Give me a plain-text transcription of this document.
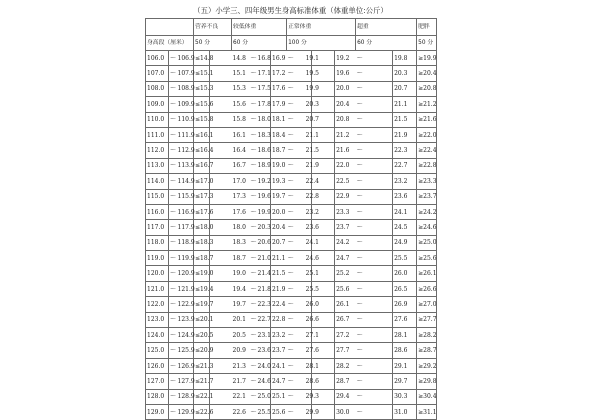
（五）小学三、四年级男生身高标准体重（体重单位:公斤）
			营养不良		较低体重				正常体重				超重				肥胖
身高段（厘米）			50 分		60 分				100 分				60 分				50 分
106.0	～	106.9	≤14.8		14.8	～	16.8	16.9	～	19.1		19.2	～			19.8	≥19.9
107.0	～	107.9	≤15.1		15.1	～	17.1	17.2	～	19.5		19.6	～			20.3	≥20.4
108.0	～	108.9	≤15.3		15.3	～	17.5	17.6	～	19.9		20.0	～			20.7	≥20.8
109.0	～	109.9	≤15.6		15.6	～	17.8	17.9	～	20.3		20.4	～			21.1	≥21.2
110.0	～	110.9	≤15.8		15.8	～	18.0	18.1	～	20.7		20.8	～			21.5	≥21.6
111.0	～	111.9	≤16.1		16.1	～	18.3	18.4	～	21.1		21.2	～			21.9	≥22.0
112.0	～	112.9	≤16.4		16.4	～	18.6	18.7	～	21.5		21.6	～			22.3	≥22.4
113.0	～	113.9	≤16.7		16.7	～	18.9	19.0	～	21.9		22.0	～			22.7	≥22.8
114.0	～	114.9	≤17.0		17.0	～	19.2	19.3	～	22.4		22.5	～			23.2	≥23.3
115.0	～	115.9	≤17.3		17.3	～	19.6	19.7	～	22.8		22.9	～			23.6	≥23.7
116.0	～	116.9	≤17.6		17.6	～	19.9	20.0	～	23.2		23.3	～			24.1	≥24.2
117.0	～	117.9	≤18.0		18.0	～	20.3	20.4	～	23.6		23.7	～			24.5	≥24.6
118.0	～	118.9	≤18.3		18.3	～	20.6	20.7	～	24.1		24.2	～			24.9	≥25.0
119.0	～	119.9	≤18.7		18.7	～	21.0	21.1	～	24.6		24.7	～			25.5	≥25.6
120.0	～	120.9	≤19.0		19.0	～	21.4	21.5	～	25.1		25.2	～			26.0	≥26.1
121.0	～	121.9	≤19.4		19.4	～	21.8	21.9	～	25.5		25.6	～			26.5	≥26.6
122.0	～	122.9	≤19.7		19.7	～	22.3	22.4	～	26.0		26.1	～			26.9	≥27.0
123.0	～	123.9	≤20.1		20.1	～	22.7	22.8	～	26.6		26.7	～			27.6	≥27.7
124.0	～	124.9	≤20.5		20.5	～	23.1	23.2	～	27.1		27.2	～			28.1	≥28.2
125.0	～	125.9	≤20.9		20.9	～	23.6	23.7	～	27.6		27.7	～			28.6	≥28.7
126.0	～	126.9	≤21.3		21.3	～	24.0	24.1	～	28.1		28.2	～			29.1	≥29.2
127.0	～	127.9	≤21.7		21.7	～	24.6	24.7	～	28.6		28.7	～			29.7	≥29.8
128.0	～	128.9	≤22.1		22.1	～	25.0	25.1	～	29.3		29.4	～			30.3	≥30.4
129.0	～	129.9	≤22.6		22.6	～	25.5	25.6	～	29.9		30.0	～			31.0	≥31.1
